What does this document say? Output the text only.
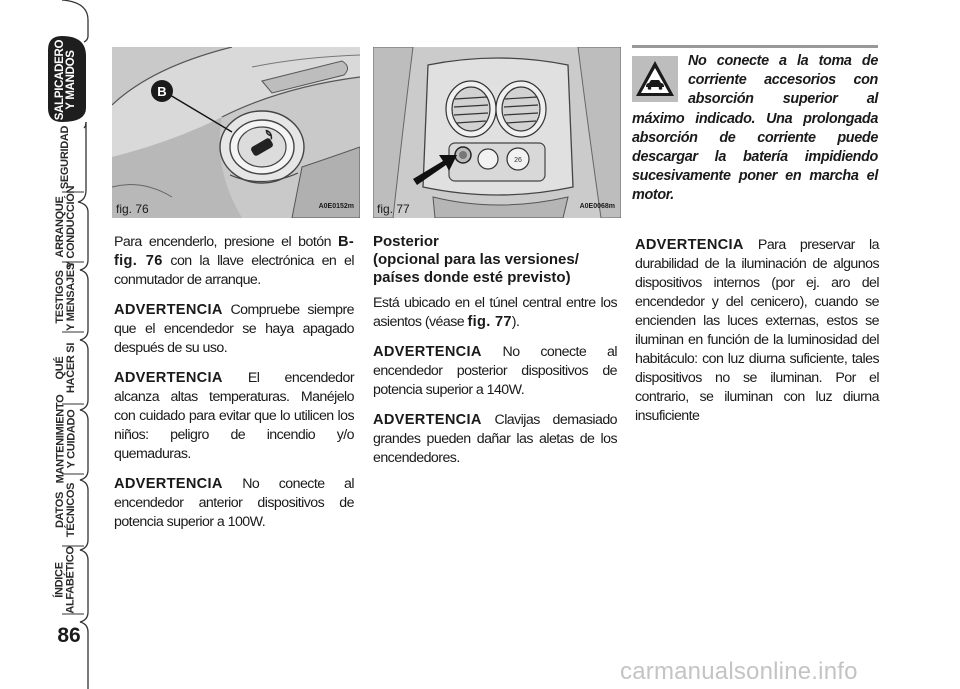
SALPICADERO
Y MANDOS
SEGURIDAD
ARRANQUE
Y CONDUCCIÓN
TESTIGOS
Y MENSAJES
QUÉ
HACER SI
MANTENIMIENTO
Y CUIDADO
DATOS
TÉCNICOS
ÍNDICE
ALFABÉTICO
86
B
fig. 76	A0E0152m
26
fig. 77	A0E0068m

Para encenderlo, presione el botón B-fig. 76 con la llave electrónica en el conmutador de arranque.

ADVERTENCIA Compruebe siempre que el encendedor se haya apagado después de su uso.

ADVERTENCIA El encendedor alcanza altas temperaturas. Manéjelo con cuidado para evitar que lo utilicen los niños: peligro de incendio y/o quemaduras.

ADVERTENCIA No conecte al encendedor anterior dispositivos de potencia superior a 100W.

Posterior
(opcional para las versiones/ países donde esté previsto)

Está ubicado en el túnel central entre los asientos (véase fig. 77).

ADVERTENCIA No conecte al encendedor posterior dispositivos de potencia superior a 140W.

ADVERTENCIA Clavijas demasiado grandes pueden dañar las aletas de los encendedores.

No conecte a la toma de corriente accesorios con absorción superior al máximo indicado. Una prolongada absorción de corriente puede descargar la batería impidiendo sucesivamente poner en marcha el motor.

ADVERTENCIA Para preservar la durabilidad de la iluminación de algunos dispositivos internos (por ej. aro del encendedor y del cenicero), cuando se encienden las luces externas, estos se iluminan en función de la luminosidad del habitáculo: con luz diurna suficiente, tales dispositivos no se iluminan. Por el contrario, se iluminan con luz diurna insuficiente

carmanualsonline.info
